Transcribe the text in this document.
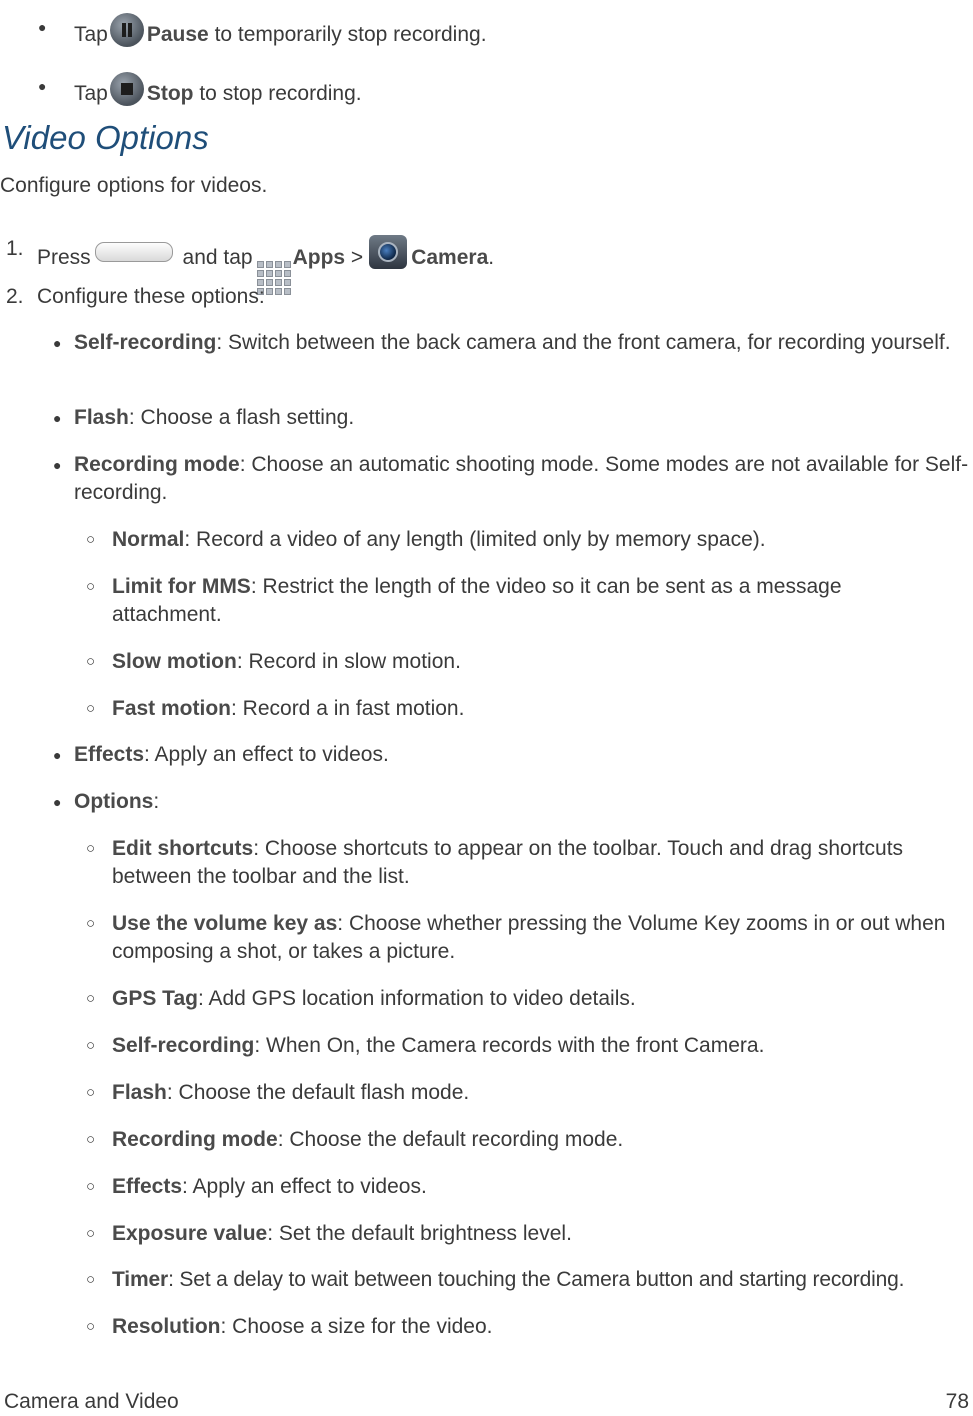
● Tap Pause to temporarily stop recording.
● Tap Stop to stop recording.
Video Options
Configure options for videos.
1. Press	and tap Apps > Camera.
2. Configure these options:
● Self-recording: Switch between the back camera and the front camera, for recording yourself.
● Flash: Choose a flash setting.
● Recording mode: Choose an automatic shooting mode. Some modes are not available for Self-recording.
○ Normal: Record a video of any length (limited only by memory space).
○ Limit for MMS: Restrict the length of the video so it can be sent as a message attachment.
○ Slow motion: Record in slow motion.
○ Fast motion: Record a in fast motion.
● Effects: Apply an effect to videos.
● Options:
○ Edit shortcuts: Choose shortcuts to appear on the toolbar. Touch and drag shortcuts between the toolbar and the list.
○ Use the volume key as: Choose whether pressing the Volume Key zooms in or out when composing a shot, or takes a picture.
○ GPS Tag: Add GPS location information to video details.
○ Self-recording: When On, the Camera records with the front Camera.
○ Flash: Choose the default flash mode.
○ Recording mode: Choose the default recording mode.
○ Effects: Apply an effect to videos.
○ Exposure value: Set the default brightness level.
○ Timer: Set a delay to wait between touching the Camera button and starting recording.
○ Resolution: Choose a size for the video.
Camera and Video	78
